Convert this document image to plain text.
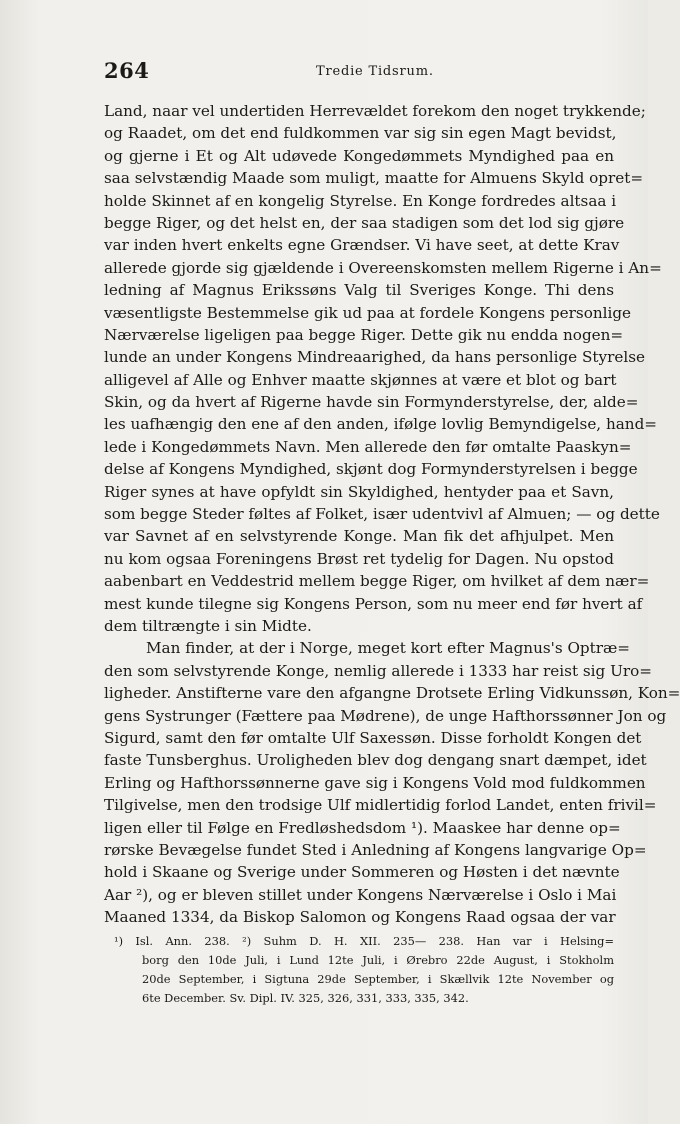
264	Tredie Tidsrum.
Land, naar vel undertiden Herrevældet forekom den noget trykkende;
og Raadet, om det end fuldkommen var sig sin egen Magt bevidst,
og gjerne i Et og Alt udøvede Kongedømmets Myndighed paa en
saa selvstændig Maade som muligt, maatte for Almuens Skyld opret=
holde Skinnet af en kongelig Styrelse. En Konge fordredes altsaa i
begge Riger, og det helst en, der saa stadigen som det lod sig gjøre
var inden hvert enkelts egne Grændser. Vi have seet, at dette Krav
allerede gjorde sig gjældende i Overeenskomsten mellem Rigerne i An=
ledning af Magnus Erikssøns Valg til Sveriges Konge. Thi dens
væsentligste Bestemmelse gik ud paa at fordele Kongens personlige
Nærværelse ligeligen paa begge Riger. Dette gik nu endda nogen=
lunde an under Kongens Mindreaarighed, da hans personlige Styrelse
alligevel af Alle og Enhver maatte skjønnes at være et blot og bart
Skin, og da hvert af Rigerne havde sin Formynderstyrelse, der, alde=
les uafhængig den ene af den anden, ifølge lovlig Bemyndigelse, hand=
lede i Kongedømmets Navn. Men allerede den før omtalte Paaskyn=
delse af Kongens Myndighed, skjønt dog Formynderstyrelsen i begge
Riger synes at have opfyldt sin Skyldighed, hentyder paa et Savn,
som begge Steder føltes af Folket, især udentvivl af Almuen; — og dette
var Savnet af en selvstyrende Konge. Man fik det afhjulpet. Men
nu kom ogsaa Foreningens Brøst ret tydelig for Dagen. Nu opstod
aabenbart en Veddestrid mellem begge Riger, om hvilket af dem nær=
mest kunde tilegne sig Kongens Person, som nu meer end før hvert af
dem tiltrængte i sin Midte.
Man finder, at der i Norge, meget kort efter Magnus's Optræ=
den som selvstyrende Konge, nemlig allerede i 1333 har reist sig Uro=
ligheder. Anstifterne vare den afgangne Drotsete Erling Vidkunssøn, Kon=
gens Systrunger (Fættere paa Mødrene), de unge Hafthorssønner Jon og
Sigurd, samt den før omtalte Ulf Saxessøn. Disse forholdt Kongen det
faste Tunsberghus. Uroligheden blev dog dengang snart dæmpet, idet
Erling og Hafthorssønnerne gave sig i Kongens Vold mod fuldkommen
Tilgivelse, men den trodsige Ulf midlertidig forlod Landet, enten frivil=
ligen eller til Følge en Fredløshedsdom ¹). Maaskee har denne op=
rørske Bevægelse fundet Sted i Anledning af Kongens langvarige Op=
hold i Skaane og Sverige under Sommeren og Høsten i det nævnte
Aar ²), og er bleven stillet under Kongens Nærværelse i Oslo i Mai
Maaned 1334, da Biskop Salomon og Kongens Raad ogsaa der var
¹) Isl. Ann. 238. ²) Suhm D. H. XII. 235— 238. Han var i Helsing=
borg den 10de Juli, i Lund 12te Juli, i Ørebro 22de August, i Stokholm
20de September, i Sigtuna 29de September, i Skællvik 12te November og
6te December. Sv. Dipl. IV. 325, 326, 331, 333, 335, 342.
